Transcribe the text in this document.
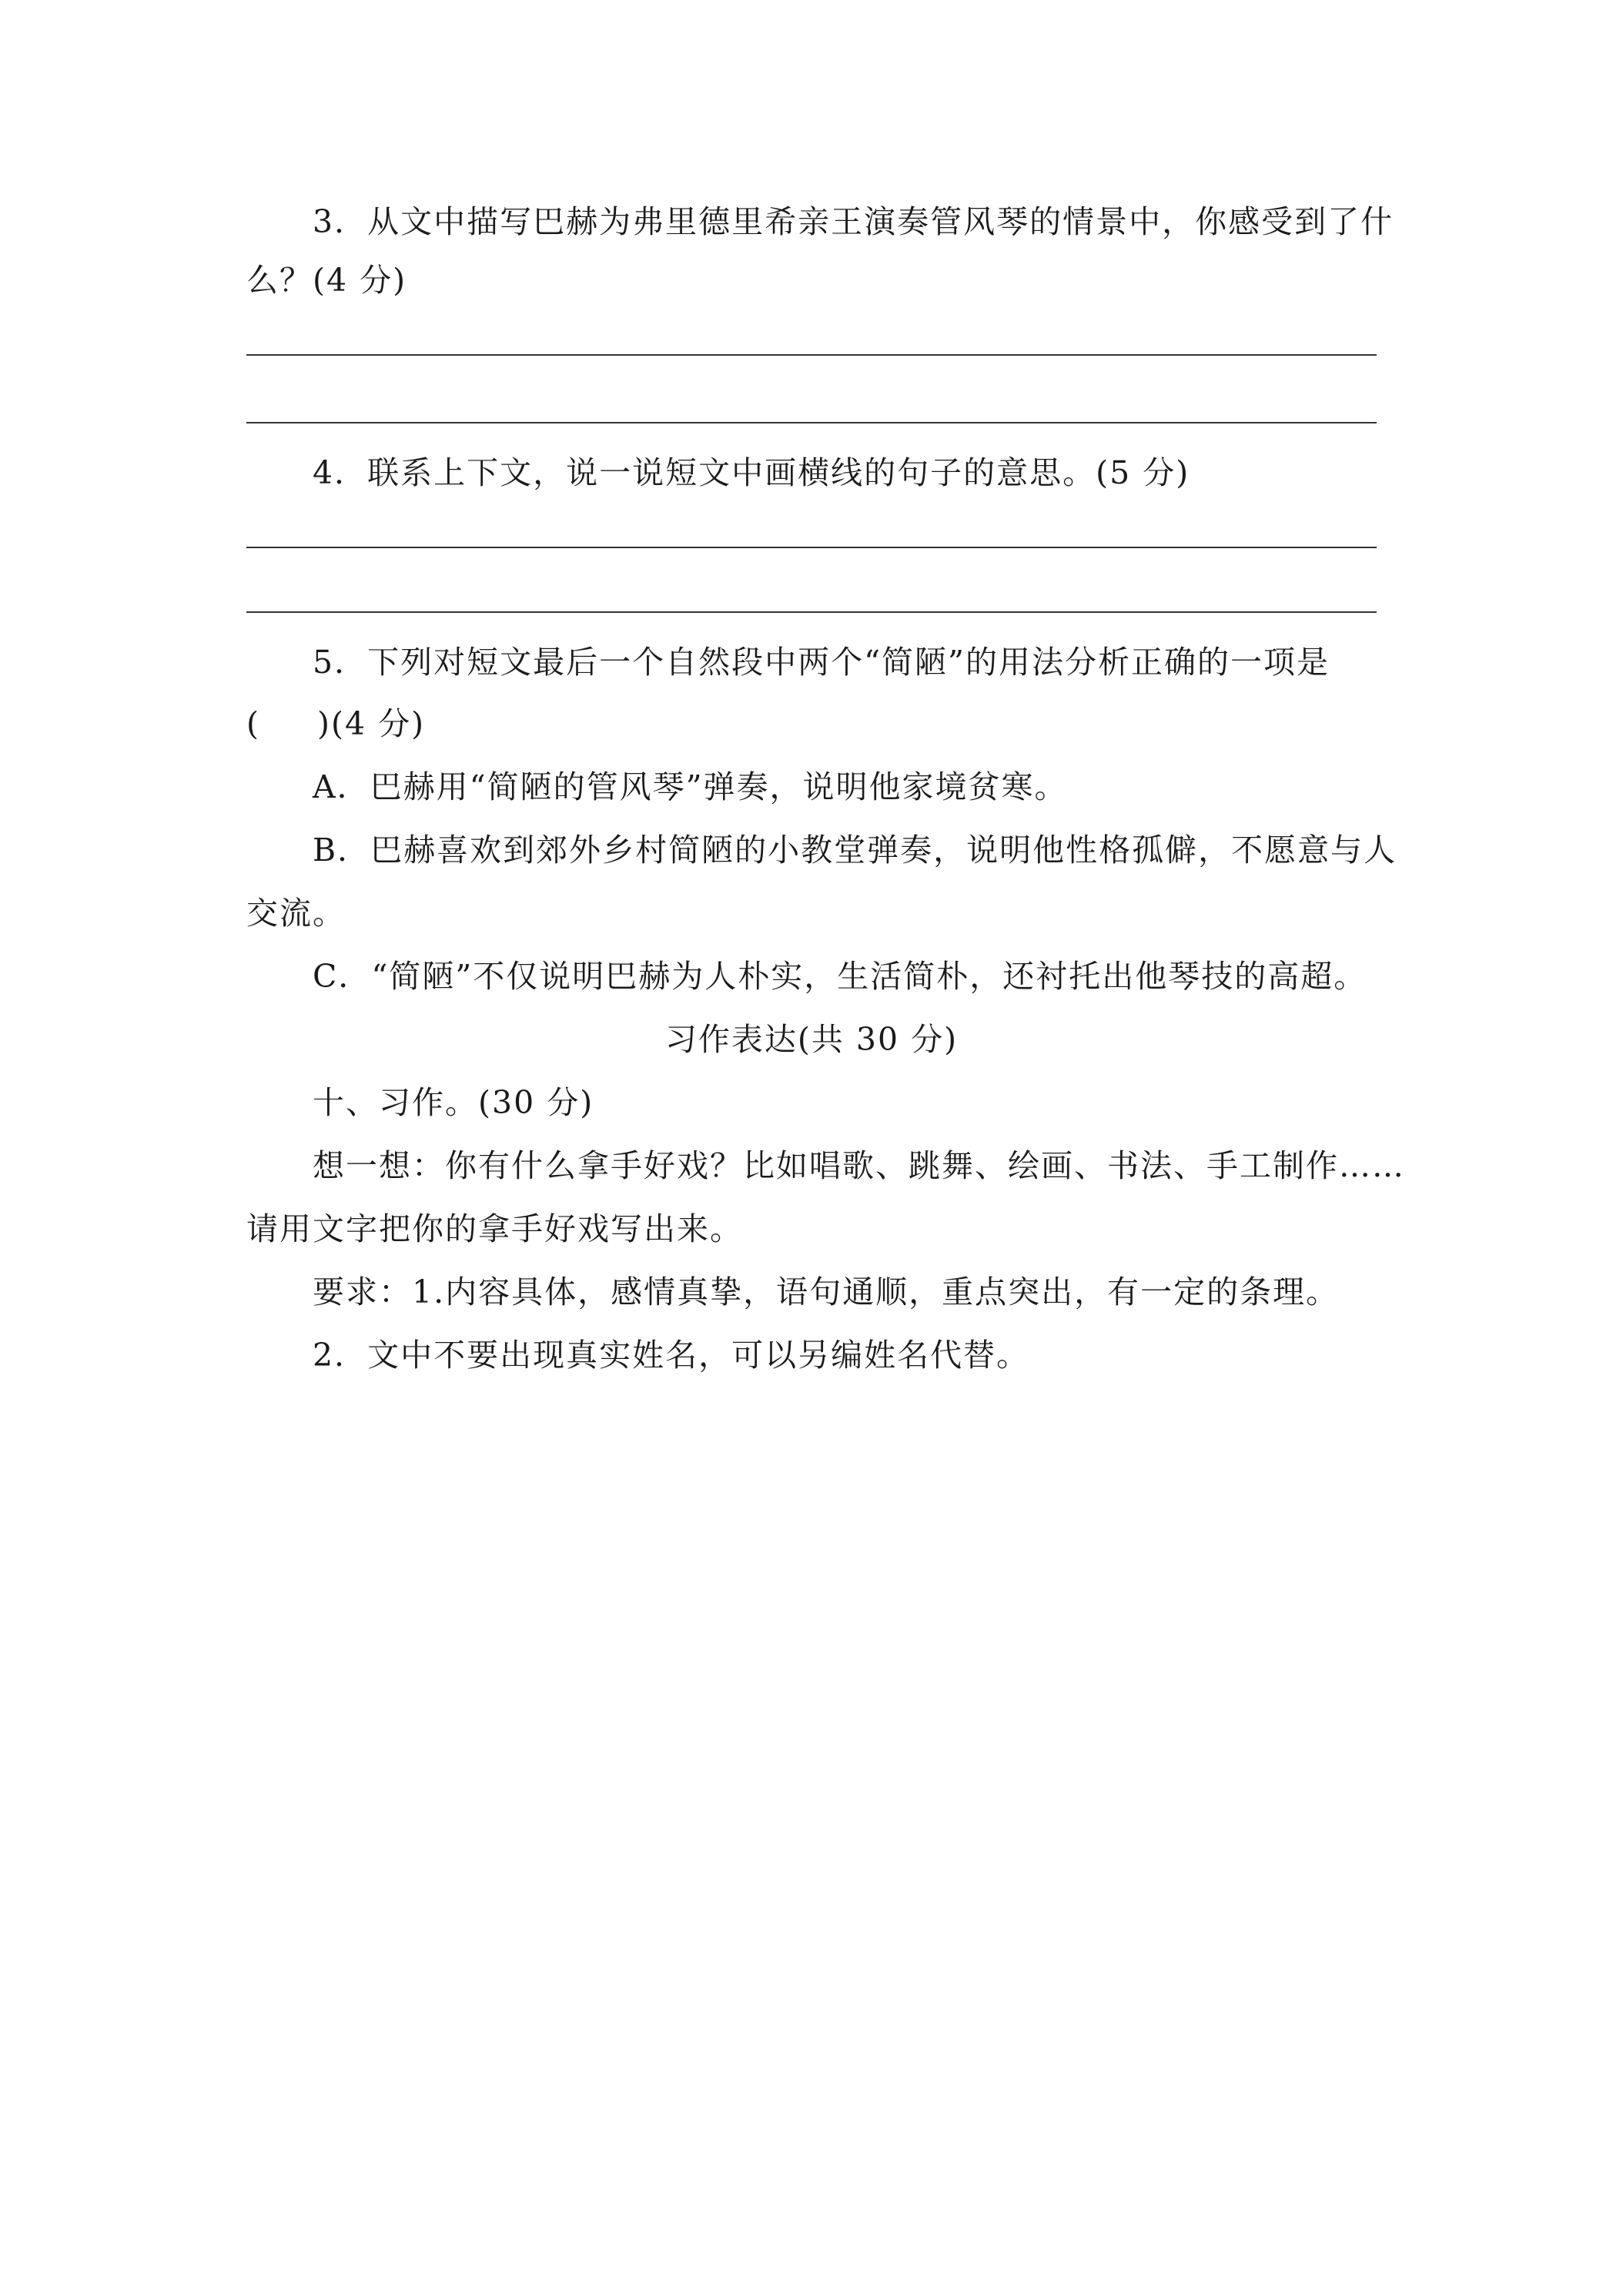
3．从文中描写巴赫为弗里德里希亲王演奏管风琴的情景中，你感受到了什
么？(4 分)
4．联系上下文，说一说短文中画横线的句子的意思。(5 分)
5．下列对短文最后一个自然段中两个“简陋”的用法分析正确的一项是
( )(4 分)
A．巴赫用“简陋的管风琴”弹奏，说明他家境贫寒。
B．巴赫喜欢到郊外乡村简陋的小教堂弹奏，说明他性格孤僻，不愿意与人
交流。
C．“简陋”不仅说明巴赫为人朴实，生活简朴，还衬托出他琴技的高超。
习作表达(共 30 分)
十、习作。(30 分)
想一想：你有什么拿手好戏？比如唱歌、跳舞、绘画、书法、手工制作……
请用文字把你的拿手好戏写出来。
要求：1.内容具体，感情真挚，语句通顺，重点突出，有一定的条理。
2．文中不要出现真实姓名，可以另编姓名代替。
